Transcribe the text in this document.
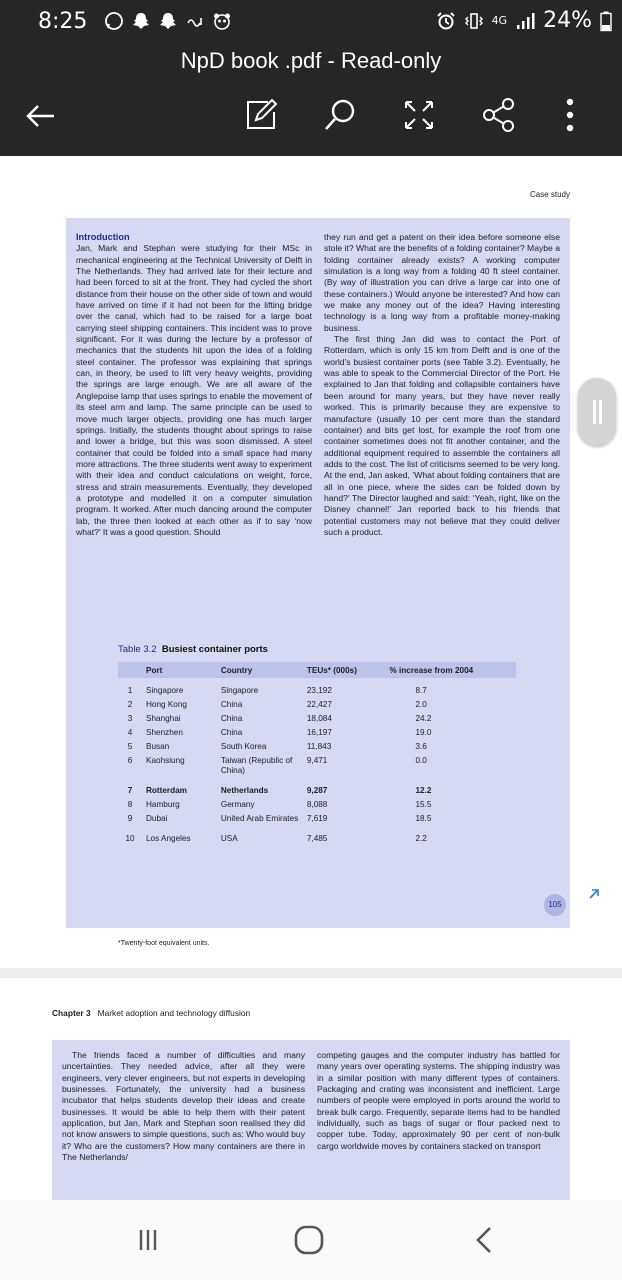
8:25	4G 24%
NpD book .pdf - Read-only
Case study
Introduction

Jan, Mark and Stephan were studying for their MSc in mechanical engineering at the Technical University of Delft in The Netherlands. They had arrived late for their lecture and had been forced to sit at the front. They had cycled the short distance from their house on the other side of town and would have arrived on time if it had not been for the lifting bridge over the canal, which had to be raised for a large boat carrying steel shipping containers. This incident was to prove significant. For it was during the lecture by a professor of mechanics that the students hit upon the idea of a folding steel container. The professor was explaining that springs can, in theory, be used to lift very heavy weights, providing the springs are large enough. We are all aware of the Anglepoise lamp that uses springs to enable the movement of its steel arm and lamp. The same principle can be used to move much larger objects, providing one has much larger springs. Initially, the students thought about springs to raise and lower a bridge, but this was soon dismissed. A steel container that could be folded into a small space had many more attractions. The three students went away to experiment with their idea and conduct calculations on weight, force, stress and strain measurements. Eventually, they developed a prototype and modelled it on a computer simulation program. It worked. After much dancing around the computer lab, the three then looked at each other as if to say ‘now what?’ It was a good question. Should

they run and get a patent on their idea before someone else stole it? What are the benefits of a folding container? Maybe a folding container already exists? A working computer simulation is a long way from a folding 40 ft steel container. (By way of illustration you can drive a large car into one of these containers.) Would anyone be interested? And how can we make any money out of the idea? Having interesting technology is a long way from a profitable money-making business.

The first thing Jan did was to contact the Port of Rotterdam, which is only 15 km from Delft and is one of the world’s busiest container ports (see Table 3.2). Eventually, he was able to speak to the Commercial Director of the Port. He explained to Jan that folding and collapsible containers have been around for many years, but they have never really worked. This is primarily because they are expensive to manufacture (usually 10 per cent more than the standard container) and bits get lost, for example the roof from one container sometimes does not fit another container, and the additional equipment required to assemble the containers all adds to the cost. The list of criticisms seemed to be very long. At the end, Jan asked, ‘What about folding containers that are all in one piece, where the sides can be folded down by hand?’ The Director laughed and said: ‘Yeah, right, like on the Disney channel!’ Jan reported back to his friends that potential customers may not believe that they could deliver such a product.

Table 3.2 Busiest container ports
	Port	Country	TEUs* (000s)	% increase from 2004
1	Singapore	Singapore	23,192	8.7
2	Hong Kong	China	22,427	2.0
3	Shanghai	China	18,084	24.2
4	Shenzhen	China	16,197	19.0
5	Busan	South Korea	11,843	3.6
6	Kaohsiung	Taiwan (Republic of China)	9,471	0.0
7	Rotterdam	Netherlands	9,287	12.2
8	Hamburg	Germany	8,088	15.5
9	Dubai	United Arab Emirates	7,619	18.5
10	Los Angeles	USA	7,485	2.2
*Twenty-foot equivalent units.
105
Chapter 3 Market adoption and technology diffusion

The friends faced a number of difficulties and many uncertainties. They needed advice, after all they were engineers, very clever engineers, but not experts in developing businesses. Fortunately, the university had a business incubator that helps students develop their ideas and create businesses. It would be able to help them with their patent application, but Jan, Mark and Stephan soon realised they did not know answers to simple questions, such as: Who would buy it? Who are the customers? How many containers are there in The Netherlands/

competing gauges and the computer industry has battled for many years over operating systems. The shipping industry was in a similar position with many different types of containers. Packaging and crating was inconsistent and inefficient. Large numbers of people were employed in ports around the world to break bulk cargo. Frequently, separate items had to be handled individually, such as bags of sugar or flour packed next to copper tube. Today, approximately 90 per cent of non-bulk cargo worldwide moves by containers stacked on transport
